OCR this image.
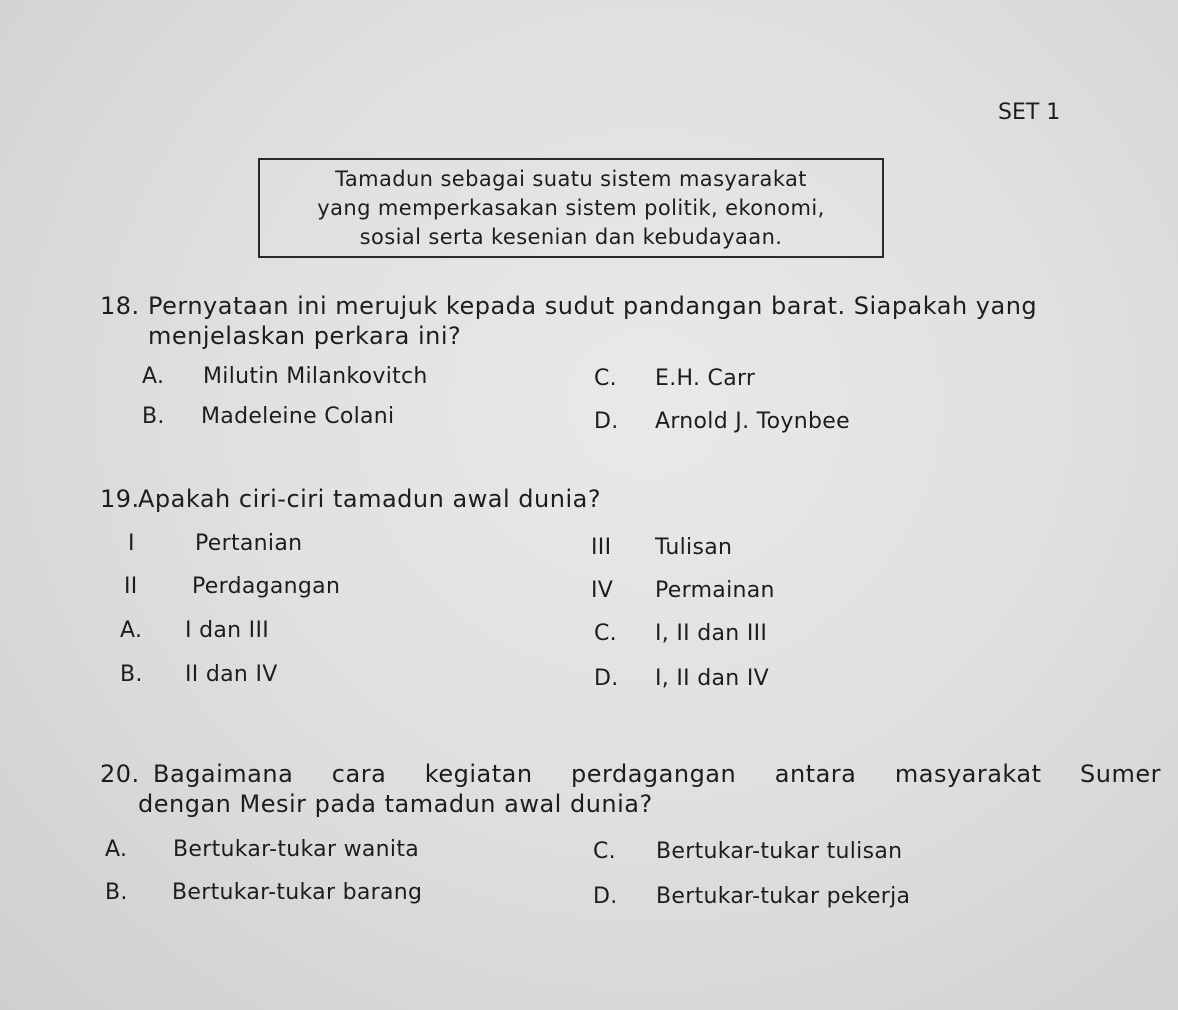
SET 1
Tamadun sebagai suatu sistem masyarakat
yang memperkasakan sistem politik, ekonomi,
sosial serta kesenian dan kebudayaan.
18. Pernyataan ini merujuk kepada sudut pandangan barat. Siapakah yang
menjelaskan perkara ini?
A. Milutin Milankovitch
B. Madeleine Colani
C. E.H. Carr
D. Arnold J. Toynbee
19.
Apakah ciri-ciri tamadun awal dunia?
I	Pertanian
II Perdagangan
III Tulisan
IV Permainan
A. I dan III
B. II dan IV
C. I, II dan III
D. I, II dan IV
20. Bagaimana cara kegiatan perdagangan antara masyarakat Sumer
dengan Mesir pada tamadun awal dunia?
A. Bertukar-tukar wanita
B. Bertukar-tukar barang
C. Bertukar-tukar tulisan
D. Bertukar-tukar pekerja
